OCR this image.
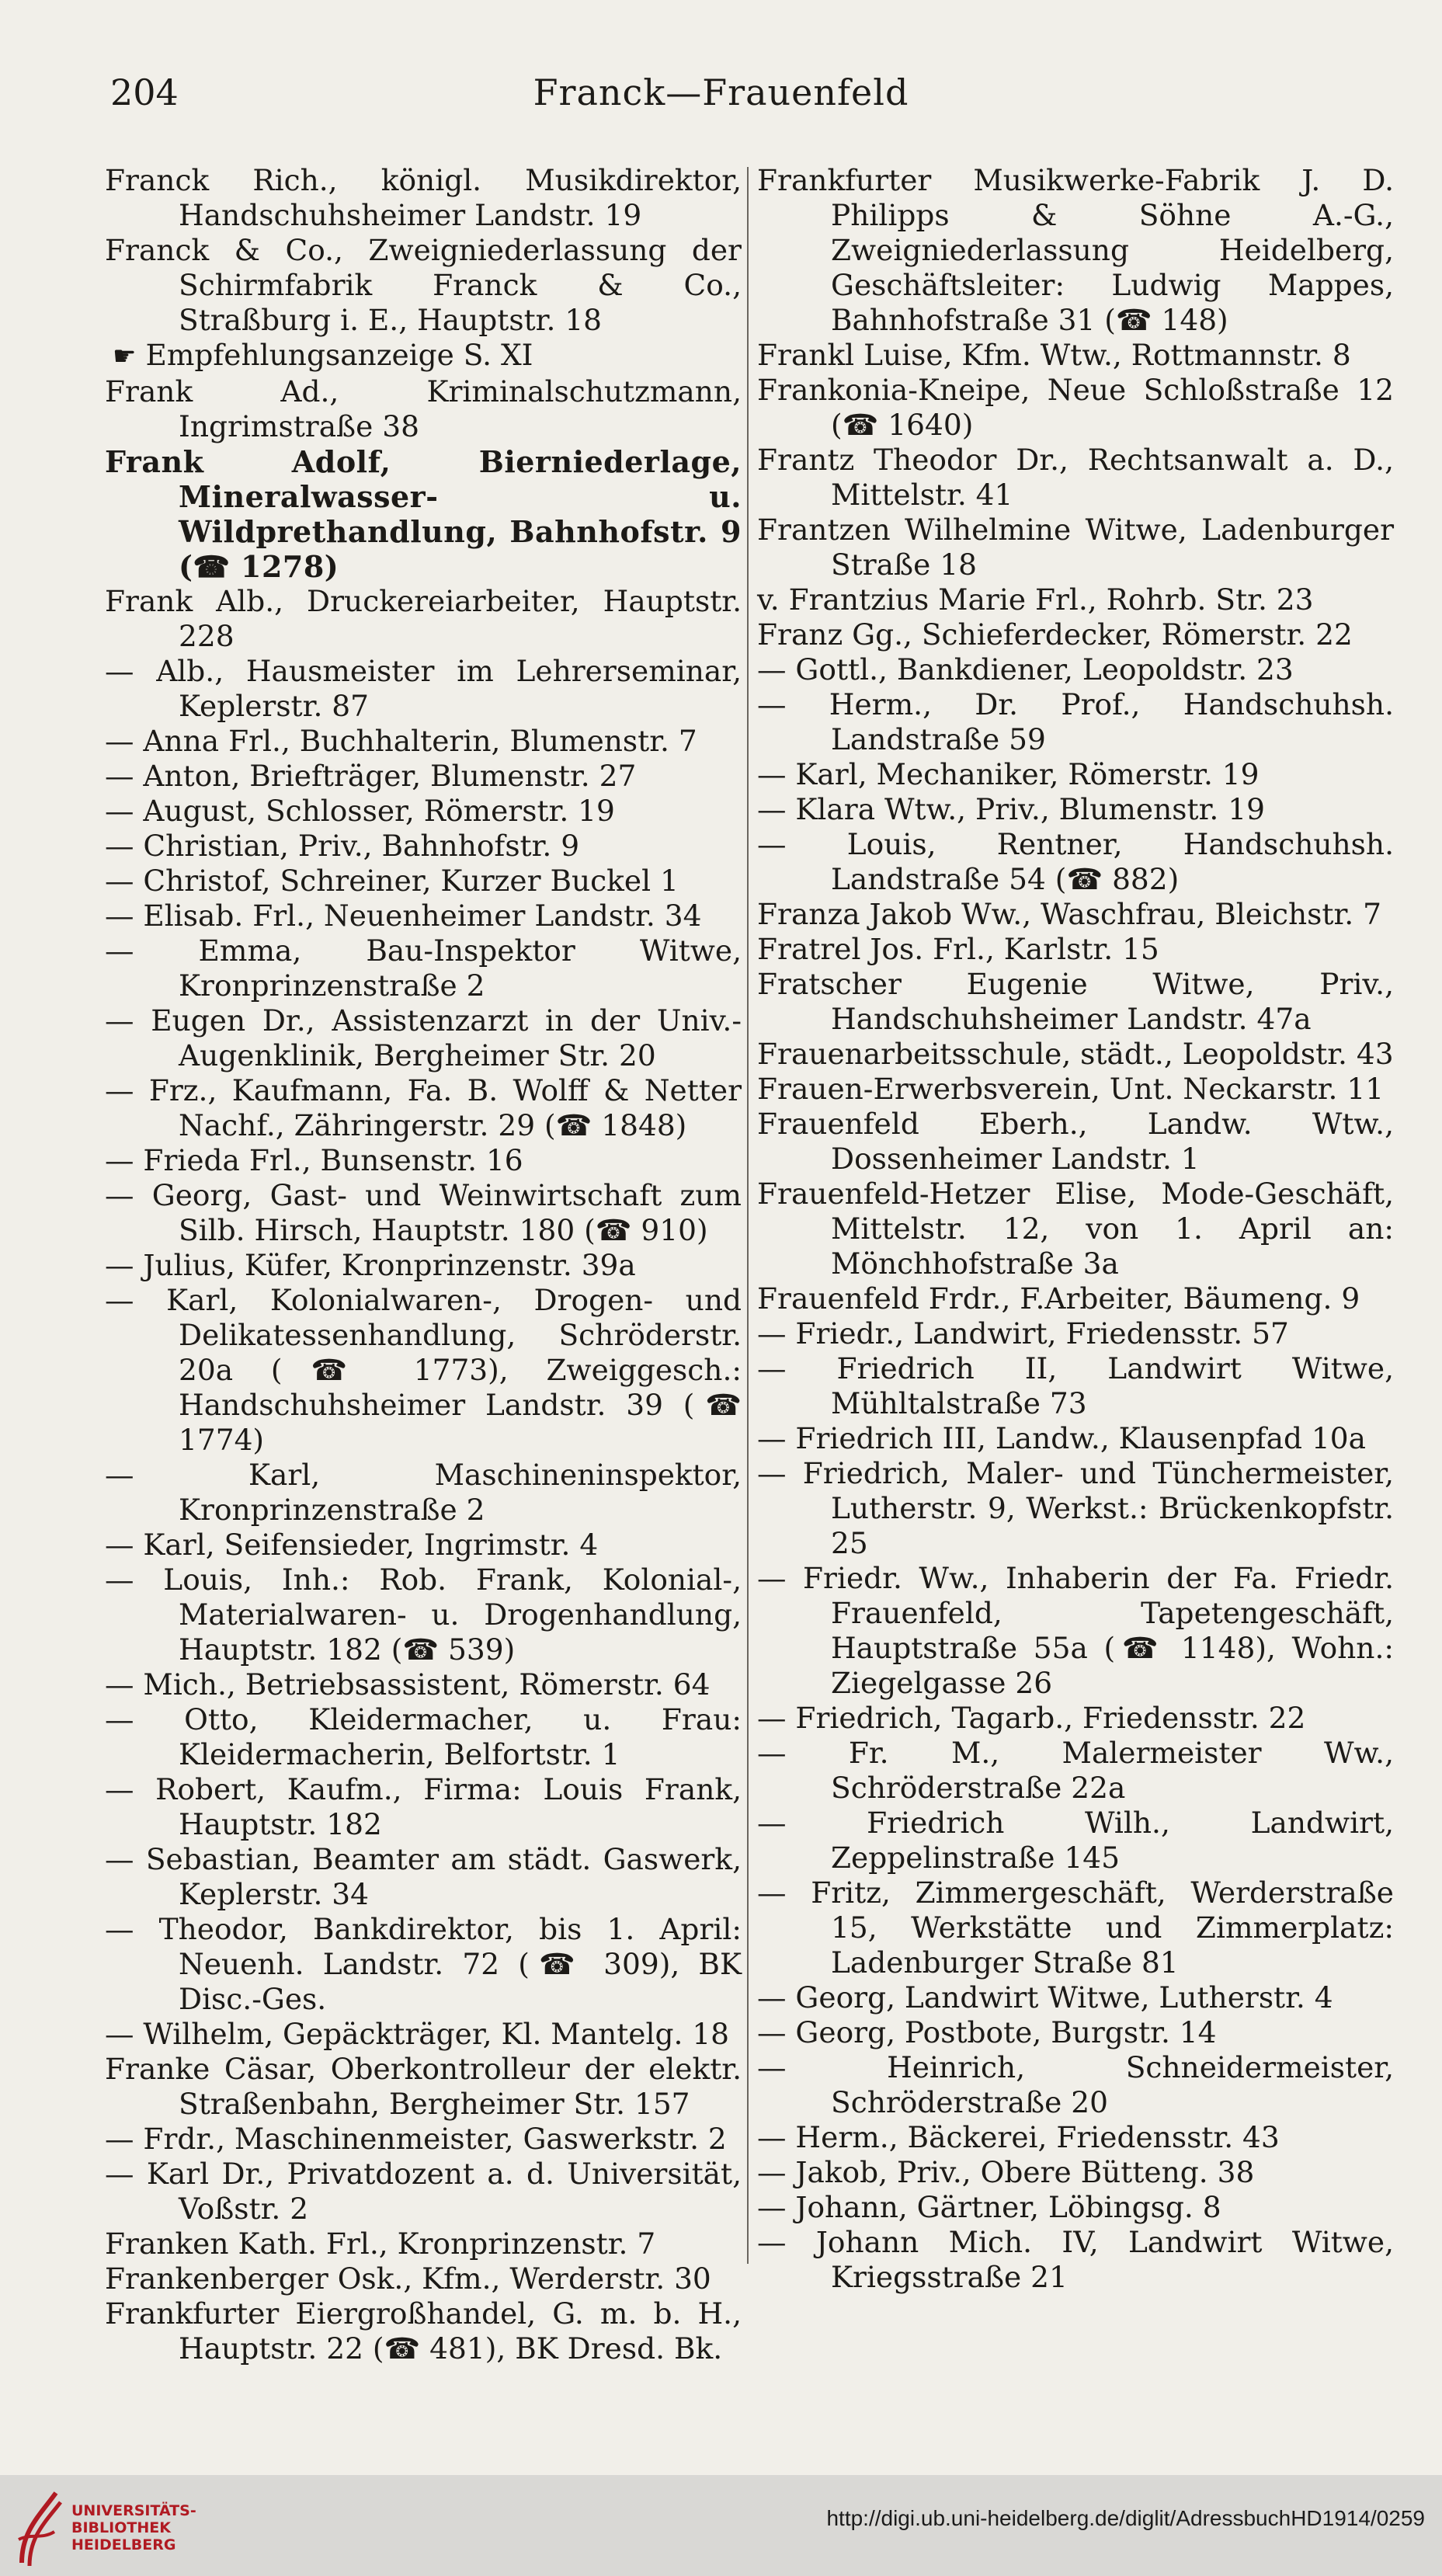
204	Franck—Frauenfeld

Franck Rich., königl. Musikdirektor, Handschuhsheimer Landstr. 19

Franck & Co., Zweigniederlassung der Schirmfabrik Franck & Co., Straßburg i. E., Hauptstr. 18

☛ Empfehlungsanzeige S. XI

Frank Ad., Kriminalschutzmann, Ingrimstraße 38

Frank Adolf, Bierniederlage, Mineralwasser- u. Wildprethandlung, Bahnhofstr. 9 (☎ 1278)

Frank Alb., Druckereiarbeiter, Hauptstr. 228

— Alb., Hausmeister im Lehrerseminar, Keplerstr. 87

— Anna Frl., Buchhalterin, Blumenstr. 7

— Anton, Briefträger, Blumenstr. 27

— August, Schlosser, Römerstr. 19

— Christian, Priv., Bahnhofstr. 9

— Christof, Schreiner, Kurzer Buckel 1

— Elisab. Frl., Neuenheimer Landstr. 34

— Emma, Bau-Inspektor Witwe, Kronprinzenstraße 2

— Eugen Dr., Assistenzarzt in der Univ.-Augenklinik, Bergheimer Str. 20

— Frz., Kaufmann, Fa. B. Wolff & Netter Nachf., Zähringerstr. 29 (☎ 1848)

— Frieda Frl., Bunsenstr. 16

— Georg, Gast- und Weinwirtschaft zum Silb. Hirsch, Hauptstr. 180 (☎ 910)

— Julius, Küfer, Kronprinzenstr. 39a

— Karl, Kolonialwaren-, Drogen- und Delikatessenhandlung, Schröderstr. 20a (☎ 1773), Zweiggesch.: Handschuhsheimer Landstr. 39 (☎ 1774)

— Karl, Maschineninspektor, Kronprinzenstraße 2

— Karl, Seifensieder, Ingrimstr. 4

— Louis, Inh.: Rob. Frank, Kolonial-, Materialwaren- u. Drogenhandlung, Hauptstr. 182 (☎ 539)

— Mich., Betriebsassistent, Römerstr. 64

— Otto, Kleidermacher, u. Frau: Kleidermacherin, Belfortstr. 1

— Robert, Kaufm., Firma: Louis Frank, Hauptstr. 182

— Sebastian, Beamter am städt. Gaswerk, Keplerstr. 34

— Theodor, Bankdirektor, bis 1. April: Neuenh. Landstr. 72 (☎ 309), BK Disc.-Ges.

— Wilhelm, Gepäckträger, Kl. Mantelg. 18

Franke Cäsar, Oberkontrolleur der elektr. Straßenbahn, Bergheimer Str. 157

— Frdr., Maschinenmeister, Gaswerkstr. 2

— Karl Dr., Privatdozent a. d. Universität, Voßstr. 2

Franken Kath. Frl., Kronprinzenstr. 7

Frankenberger Osk., Kfm., Werderstr. 30

Frankfurter Eiergroßhandel, G. m. b. H., Hauptstr. 22 (☎ 481), BK Dresd. Bk.

Frankfurter Musikwerke-Fabrik J. D. Philipps & Söhne A.-G., Zweigniederlassung Heidelberg, Geschäftsleiter: Ludwig Mappes, Bahnhofstraße 31 (☎ 148)

Frankl Luise, Kfm. Wtw., Rottmannstr. 8

Frankonia-Kneipe, Neue Schloßstraße 12 (☎ 1640)

Frantz Theodor Dr., Rechtsanwalt a. D., Mittelstr. 41

Frantzen Wilhelmine Witwe, Ladenburger Straße 18

v. Frantzius Marie Frl., Rohrb. Str. 23

Franz Gg., Schieferdecker, Römerstr. 22

— Gottl., Bankdiener, Leopoldstr. 23

— Herm., Dr. Prof., Handschuhsh. Landstraße 59

— Karl, Mechaniker, Römerstr. 19

— Klara Wtw., Priv., Blumenstr. 19

— Louis, Rentner, Handschuhsh. Landstraße 54 (☎ 882)

Franza Jakob Ww., Waschfrau, Bleichstr. 7

Fratrel Jos. Frl., Karlstr. 15

Fratscher Eugenie Witwe, Priv., Handschuhsheimer Landstr. 47a

Frauenarbeitsschule, städt., Leopoldstr. 43

Frauen-Erwerbsverein, Unt. Neckarstr. 11

Frauenfeld Eberh., Landw. Wtw., Dossenheimer Landstr. 1

Frauenfeld-Hetzer Elise, Mode-Geschäft, Mittelstr. 12, von 1. April an: Mönchhofstraße 3a

Frauenfeld Frdr., F.Arbeiter, Bäumeng. 9

— Friedr., Landwirt, Friedensstr. 57

— Friedrich II, Landwirt Witwe, Mühltalstraße 73

— Friedrich III, Landw., Klausenpfad 10a

— Friedrich, Maler- und Tünchermeister, Lutherstr. 9, Werkst.: Brückenkopfstr. 25

— Friedr. Ww., Inhaberin der Fa. Friedr. Frauenfeld, Tapetengeschäft, Hauptstraße 55a (☎ 1148), Wohn.: Ziegelgasse 26

— Friedrich, Tagarb., Friedensstr. 22

— Fr. M., Malermeister Ww., Schröderstraße 22a

— Friedrich Wilh., Landwirt, Zeppelinstraße 145

— Fritz, Zimmergeschäft, Werderstraße 15, Werkstätte und Zimmerplatz: Ladenburger Straße 81

— Georg, Landwirt Witwe, Lutherstr. 4

— Georg, Postbote, Burgstr. 14

— Heinrich, Schneidermeister, Schröderstraße 20

— Herm., Bäckerei, Friedensstr. 43

— Jakob, Priv., Obere Bütteng. 38

— Johann, Gärtner, Löbingsg. 8

— Johann Mich. IV, Landwirt Witwe, Kriegsstraße 21

UNIVERSITÄTS-
BIBLIOTHEK
HEIDELBERG
http://digi.ub.uni-heidelberg.de/diglit/AdressbuchHD1914/0259
